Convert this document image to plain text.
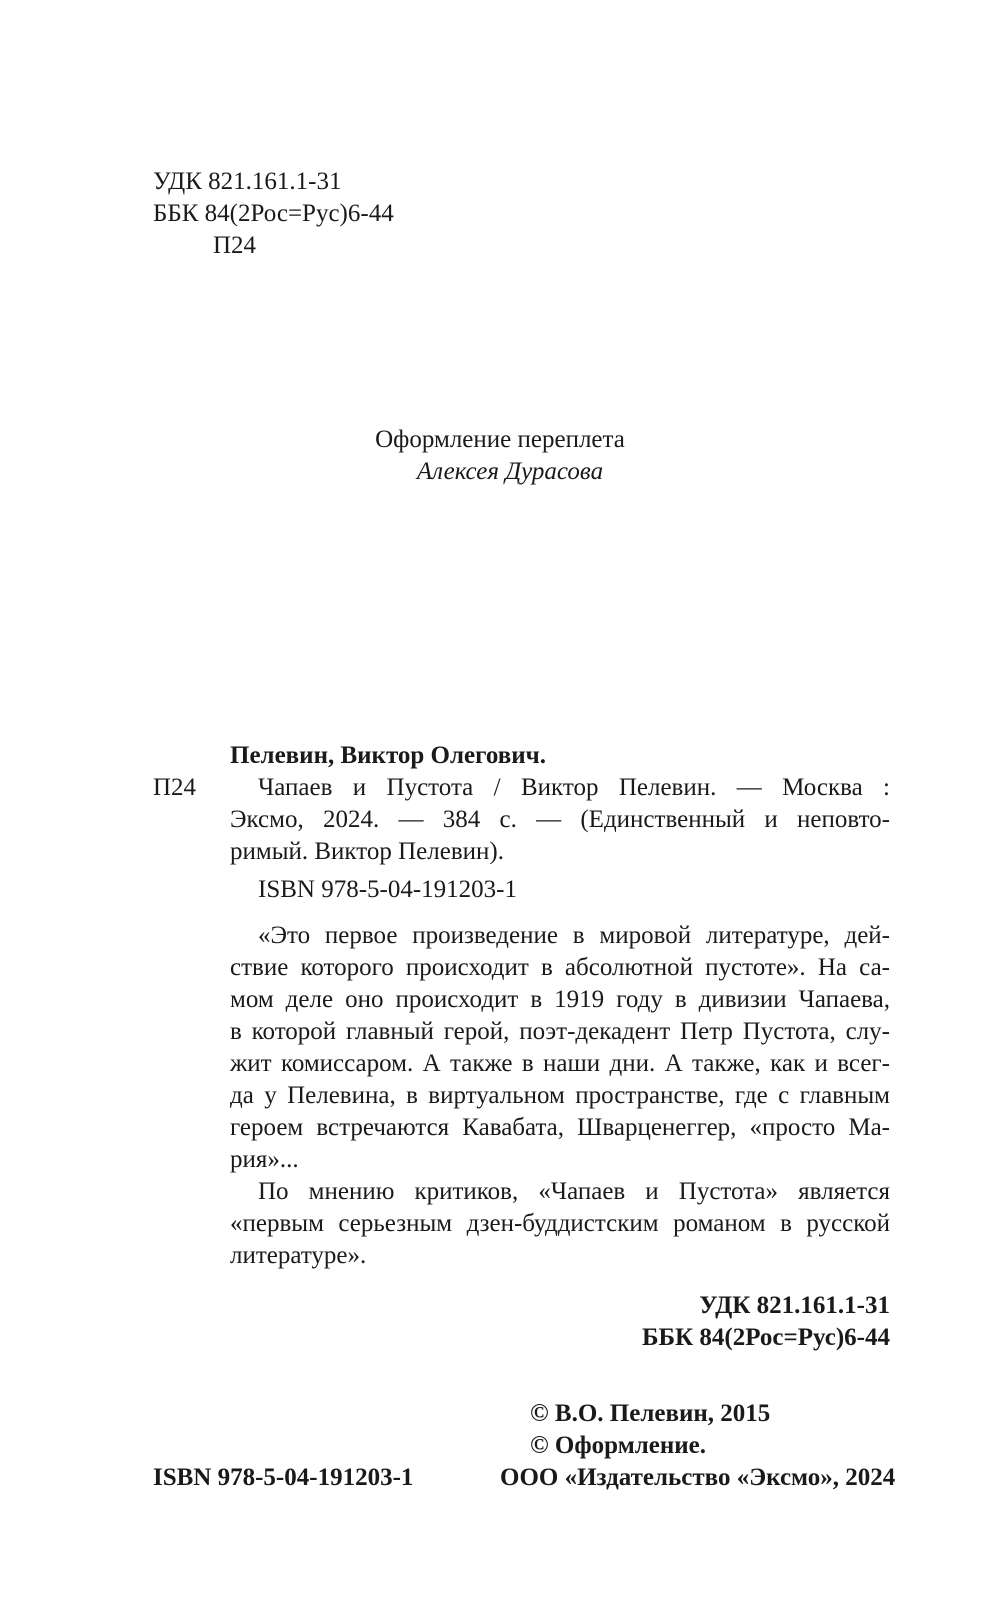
УДК 821.161.1-31
ББК 84(2Рос=Рус)6-44
П24
Оформление переплета
Алексея Дурасова
Пелевин, Виктор Олегович.
П24 Чапаев и Пустота / Виктор Пелевин. — Москва :
Эксмо, 2024. — 384 с. — (Единственный и неповто-
римый. Виктор Пелевин).
ISBN 978-5-04-191203-1
«Это первое произведение в мировой литературе, дей-
ствие которого происходит в абсолютной пустоте». На са-
мом деле оно происходит в 1919 году в дивизии Чапаева,
в которой главный герой, поэт-декадент Петр Пустота, слу-
жит комиссаром. А также в наши дни. А также, как и всег-
да у Пелевина, в виртуальном пространстве, где с главным
героем встречаются Кавабата, Шварценеггер, «просто Ма-
рия»...
По мнению критиков, «Чапаев и Пустота» является
«первым серьезным дзен-буддистским романом в русской
литературе».
УДК 821.161.1-31
ББК 84(2Рос=Рус)6-44
© В.О. Пелевин, 2015
© Оформление.
ISBN 978-5-04-191203-1	ООО «Издательство «Эксмо», 2024
